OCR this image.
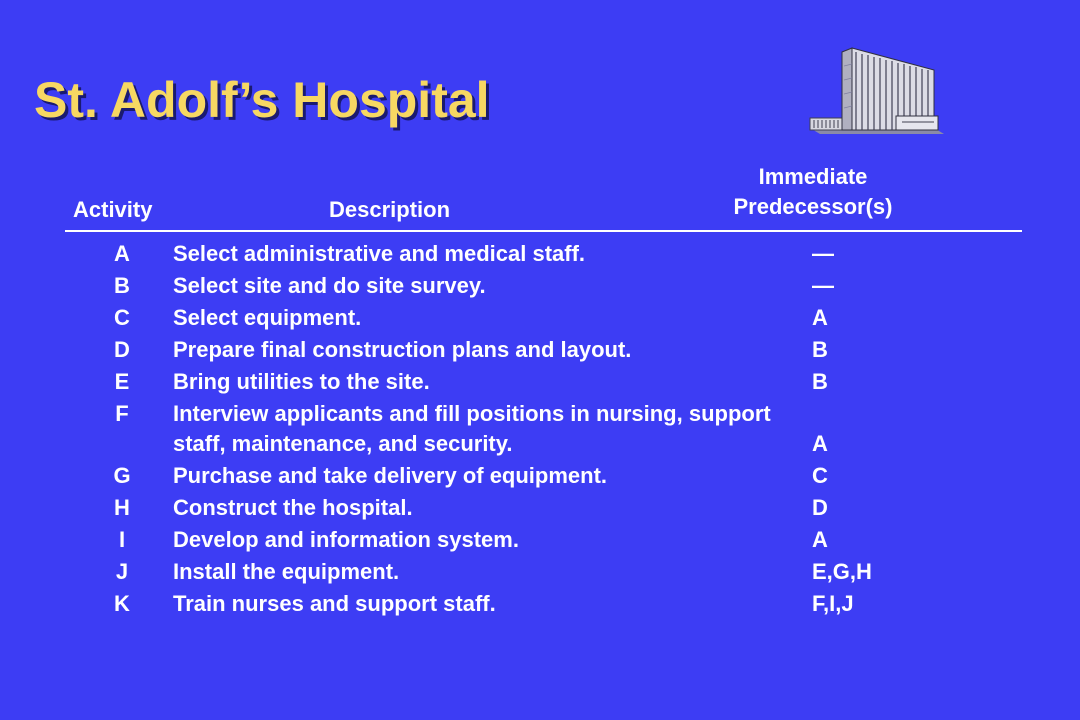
St. Adolf’s Hospital
Activity	Description
Immediate
Predecessor(s)
A	Select administrative and medical staff.	—
B	Select site and do site survey.	—
C	Select equipment.	A
D	Prepare final construction plans and layout.	B
E	Bring utilities to the site.	B
F	Interview applicants and fill positions in nursing, support staff, maintenance, and security.	A
G	Purchase and take delivery of equipment.	C
H	Construct the hospital.	D
I	Develop and information system.	A
J	Install the equipment.	E,G,H
K	Train nurses and support staff.	F,I,J
